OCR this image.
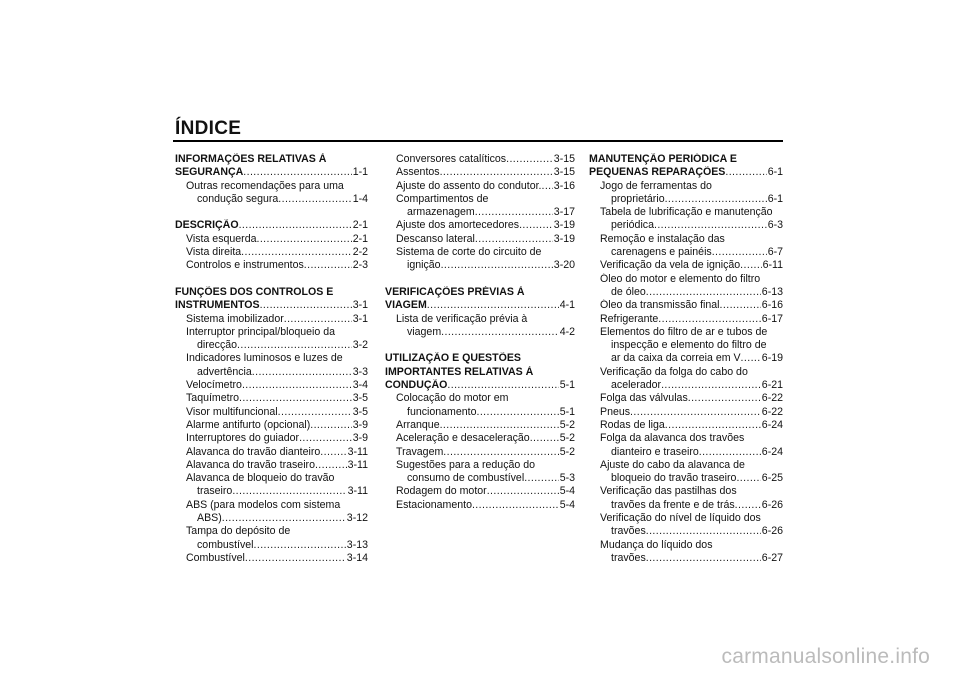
ÍNDICE
INFORMAÇÕES RELATIVAS À
SEGURANÇA .....	1-1
Outras recomendações para uma
condução segura .....	1-4
DESCRIÇÃO .....	2-1
Vista esquerda .....	2-1
Vista direita .....	2-2
Controlos e instrumentos .....	2-3
FUNÇÕES DOS CONTROLOS E
INSTRUMENTOS .....	3-1
Sistema imobilizador .....	3-1
Interruptor principal/bloqueio da
direcção .....	3-2
Indicadores luminosos e luzes de
advertência .....	3-3
Velocímetro .....	3-4
Taquímetro .....	3-5
Visor multifuncional .....	3-5
Alarme antifurto (opcional) .....	3-9
Interruptores do guiador .....	3-9
Alavanca do travão dianteiro .....	3-11
Alavanca do travão traseiro .....	3-11
Alavanca de bloqueio do travão
traseiro .....	3-11
ABS (para modelos com sistema
ABS) .....	3-12
Tampa do depósito de
combustível .....	3-13
Combustível .....	3-14
Conversores catalíticos .....	3-15
Assentos .....	3-15
Ajuste do assento do condutor. ..... 3-16
Compartimentos de
armazenagem .....	3-17
Ajuste dos amortecedores .....	3-19
Descanso lateral .....	3-19
Sistema de corte do circuito de
ignição .....	3-20
VERIFICAÇÕES PRÉVIAS À
VIAGEM .....	4-1
Lista de verificação prévia à
viagem .....	4-2
UTILIZAÇÃO E QUESTÕES
IMPORTANTES RELATIVAS À
CONDUÇÃO .....	5-1
Colocação do motor em
funcionamento .....	5-1
Arranque .....	5-2
Aceleração e desaceleração .....	5-2
Travagem .....	5-2
Sugestões para a redução do
consumo de combustível .....	5-3
Rodagem do motor .....	5-4
Estacionamento .....	5-4
MANUTENÇÃO PERIÓDICA E
PEQUENAS REPARAÇÕES .....	6-1
Jogo de ferramentas do
proprietário .....	6-1
Tabela de lubrificação e manutenção
periódica .....	6-3
Remoção e instalação das
carenagens e painéis .....	6-7
Verificação da vela de ignição ..... 6-11
Óleo do motor e elemento do filtro
de óleo .....	6-13
Óleo da transmissão final .....	6-16
Refrigerante .....	6-17
Elementos do filtro de ar e tubos de
inspecção e elemento do filtro de
ar da caixa da correia em V ..... 6-19
Verificação da folga do cabo do
acelerador .....	6-21
Folga das válvulas .....	6-22
Pneus .....	6-22
Rodas de liga .....	6-24
Folga da alavanca dos travões
dianteiro e traseiro .....	6-24
Ajuste do cabo da alavanca de
bloqueio do travão traseiro ..... 6-25
Verificação das pastilhas dos
travões da frente e de trás .....	6-26
Verificação do nível de líquido dos
travões .....	6-26
Mudança do líquido dos
travões .....	6-27
carmanualsonline.info
